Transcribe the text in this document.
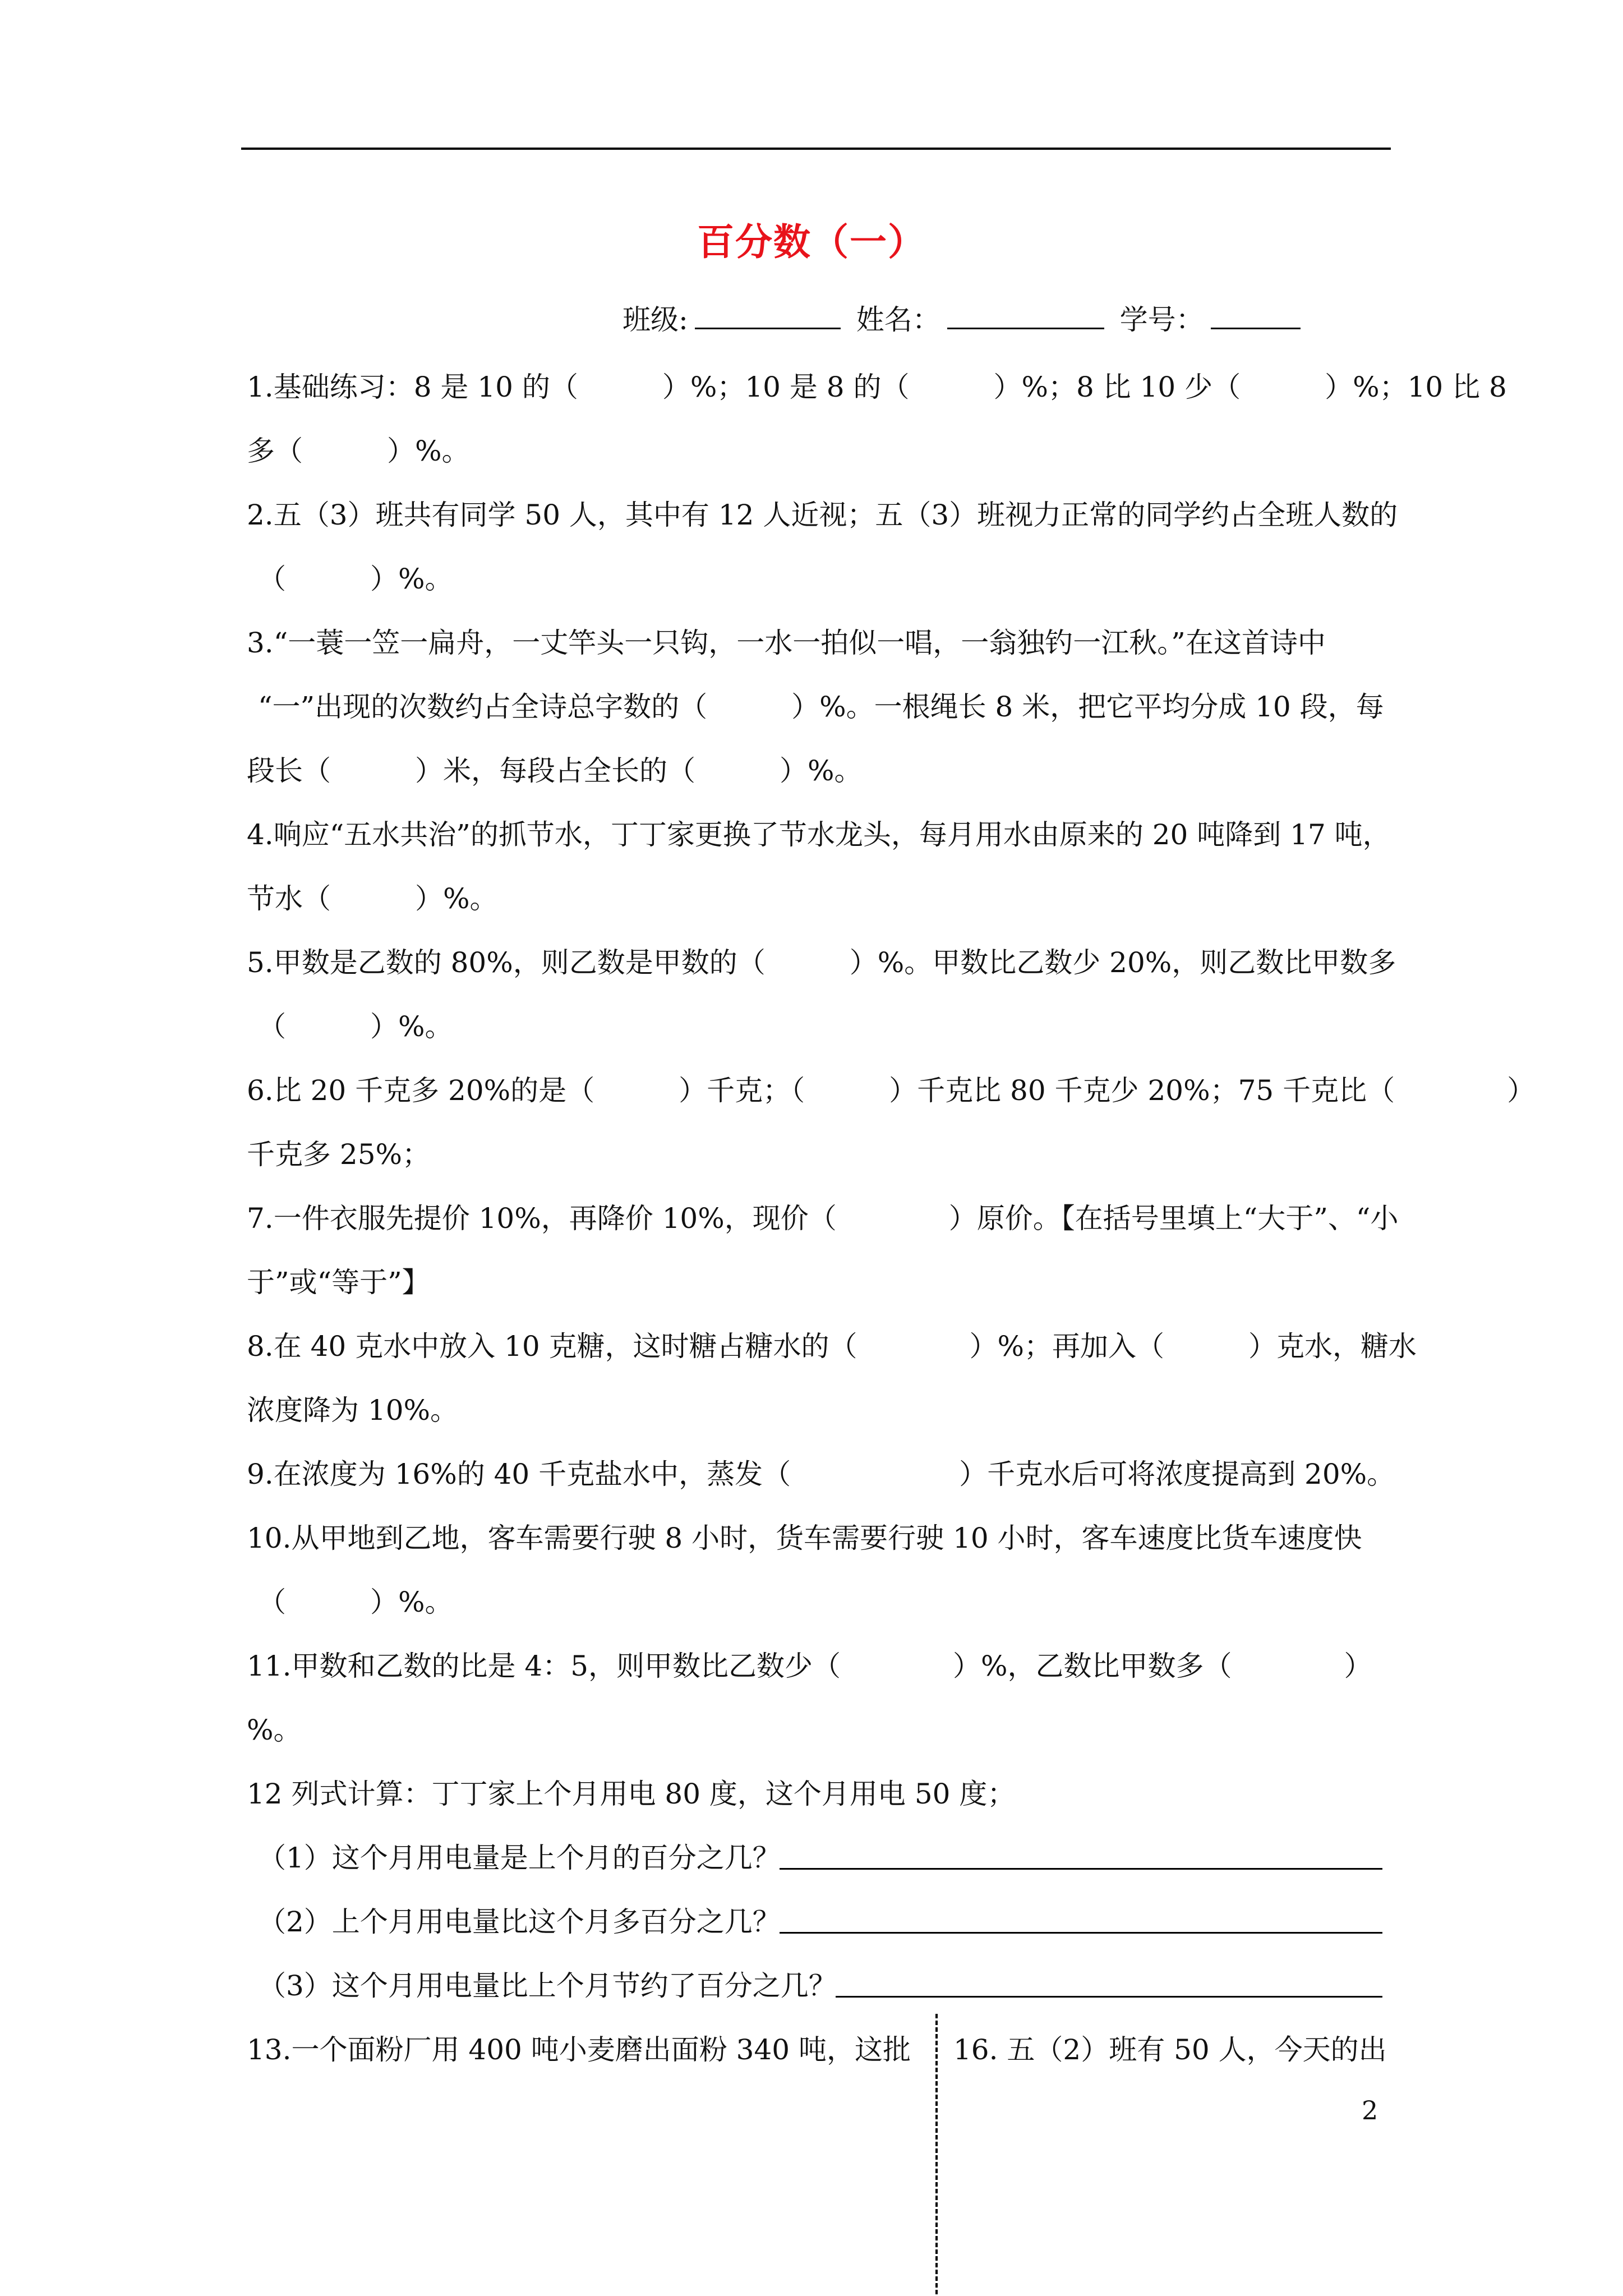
百分数（一）
班级:	姓名：	学号：
1.基础练习：8 是 10 的（　　　）%；10 是 8 的（　　　）%；8 比 10 少（　　　）%；10 比 8
多（　　　）%。
2.五（3）班共有同学 50 人，其中有 12 人近视；五（3）班视力正常的同学约占全班人数的
（　　　）%。
3.“一蓑一笠一扁舟，一丈竿头一只钩，一水一拍似一唱，一翁独钓一江秋。”在这首诗中
“一”出现的次数约占全诗总字数的（　　　）%。一根绳长 8 米，把它平均分成 10 段，每
段长（　　　）米，每段占全长的（　　　）%。
4.响应“五水共治”的抓节水，丁丁家更换了节水龙头，每月用水由原来的 20 吨降到 17 吨，
节水（　　　）%。
5.甲数是乙数的 80%，则乙数是甲数的（　　　）%。甲数比乙数少 20%，则乙数比甲数多
（　　　）%。
6.比 20 千克多 20%的是（　　　）千克；（　　　）千克比 80 千克少 20%；75 千克比（　　　　）
千克多 25%；
7.一件衣服先提价 10%，再降价 10%，现价（　　　　）原价。【在括号里填上“大于”、“小
于”或“等于”】
8.在 40 克水中放入 10 克糖，这时糖占糖水的（　　　　）%；再加入（　　　）克水，糖水
浓度降为 10%。
9.在浓度为 16%的 40 千克盐水中，蒸发（　　　　　　）千克水后可将浓度提高到 20%。
10.从甲地到乙地，客车需要行驶 8 小时，货车需要行驶 10 小时，客车速度比货车速度快
（　　　）%。
11.甲数和乙数的比是 4：5，则甲数比乙数少（　　　　）%，乙数比甲数多（　　　　）
%。
12 列式计算：丁丁家上个月用电 80 度，这个月用电 50 度；
（1）这个月用电量是上个月的百分之几？
（2）上个月用电量比这个月多百分之几？
（3）这个月用电量比上个月节约了百分之几？
13.一个面粉厂用 400 吨小麦磨出面粉 340 吨，这批 16. 五（2）班有 50 人，今天的出
2
